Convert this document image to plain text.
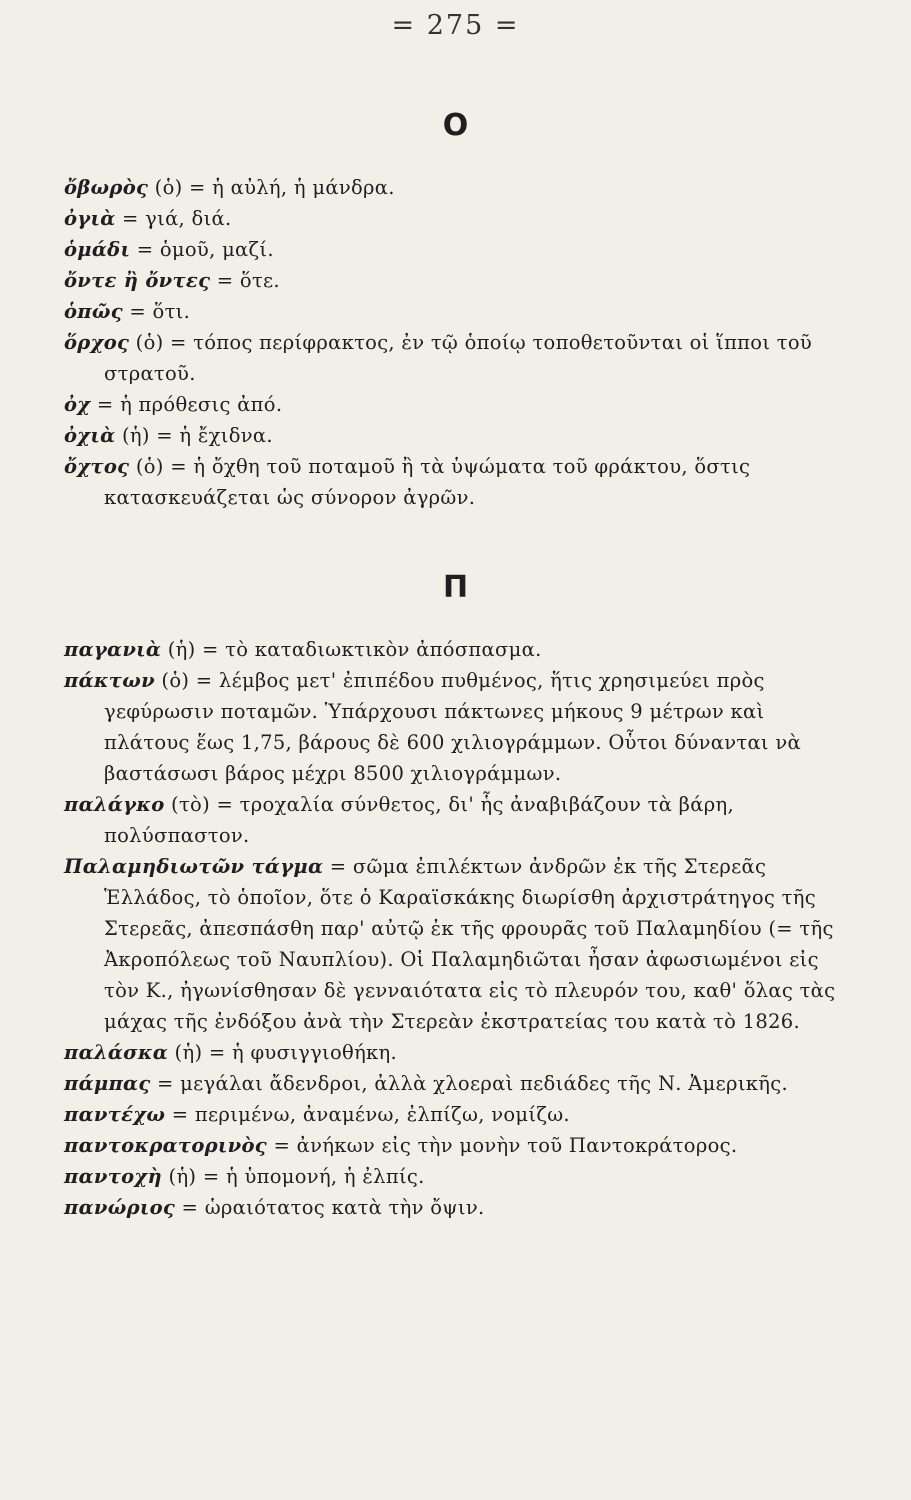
= 275 =
Ο

ὄβωρὸς (ὁ) = ἡ αὐλή, ἡ μάνδρα.

ὀγιὰ = γιά, διά.

ὁμάδι = ὁμοῦ, μαζί.

ὄντε ἢ ὄντες = ὅτε.

ὁπῶς = ὅτι.

ὅρχος (ὁ) = τόπος περίφρακτος, ἐν τῷ ὁποίῳ τοποθετοῦνται οἱ ἵπποι τοῦ στρατοῦ.

ὀχ = ἡ πρόθεσις ἀπό.

ὀχιὰ (ἡ) = ἡ ἔχιδνα.

ὄχτος (ὁ) = ἡ ὄχθη τοῦ ποταμοῦ ἢ τὰ ὑψώματα τοῦ φράκτου, ὅστις κατασκευάζεται ὡς σύνορον ἀγρῶν.

Π

παγανιὰ (ἡ) = τὸ καταδιωκτικὸν ἀπόσπασμα.

πάκτων (ὁ) = λέμβος μετ' ἐπιπέδου πυθμένος, ἥτις χρησιμεύει πρὸς γεφύρωσιν ποταμῶν. Ὑπάρχουσι πάκτωνες μήκους 9 μέτρων καὶ πλάτους ἕως 1,75, βάρους δὲ 600 χιλιογράμμων. Οὗτοι δύνανται νὰ βαστάσωσι βάρος μέχρι 8500 χιλιογράμμων.

παλάγκο (τὸ) = τροχαλία σύνθετος, δι' ἧς ἀναβιβάζουν τὰ βάρη, πολύσπαστον.

Παλαμηδιωτῶν τάγμα = σῶμα ἐπιλέκτων ἀνδρῶν ἐκ τῆς Στερεᾶς Ἑλλάδος, τὸ ὁποῖον, ὅτε ὁ Καραϊσκάκης διωρίσθη ἀρχιστράτηγος τῆς Στερεᾶς, ἀπεσπάσθη παρ' αὐτῷ ἐκ τῆς φρουρᾶς τοῦ Παλαμηδίου (= τῆς Ἀκροπόλεως τοῦ Ναυπλίου). Οἱ Παλαμηδιῶται ἦσαν ἀφωσιωμένοι εἰς τὸν Κ., ἠγωνίσθησαν δὲ γενναιότατα εἰς τὸ πλευρόν του, καθ' ὅλας τὰς μάχας τῆς ἐνδόξου ἀνὰ τὴν Στερεὰν ἐκστρατείας του κατὰ τὸ 1826.

παλάσκα (ἡ) = ἡ φυσιγγιοθήκη.

πάμπας = μεγάλαι ἄδενδροι, ἀλλὰ χλοεραὶ πεδιάδες τῆς Ν. Ἀμερικῆς.

παντέχω = περιμένω, ἀναμένω, ἐλπίζω, νομίζω.

παντοκρατορινὸς = ἀνήκων εἰς τὴν μονὴν τοῦ Παντοκράτορος.

παντοχὴ (ἡ) = ἡ ὑπομονή, ἡ ἐλπίς.

πανώριος = ὡραιότατος κατὰ τὴν ὄψιν.
